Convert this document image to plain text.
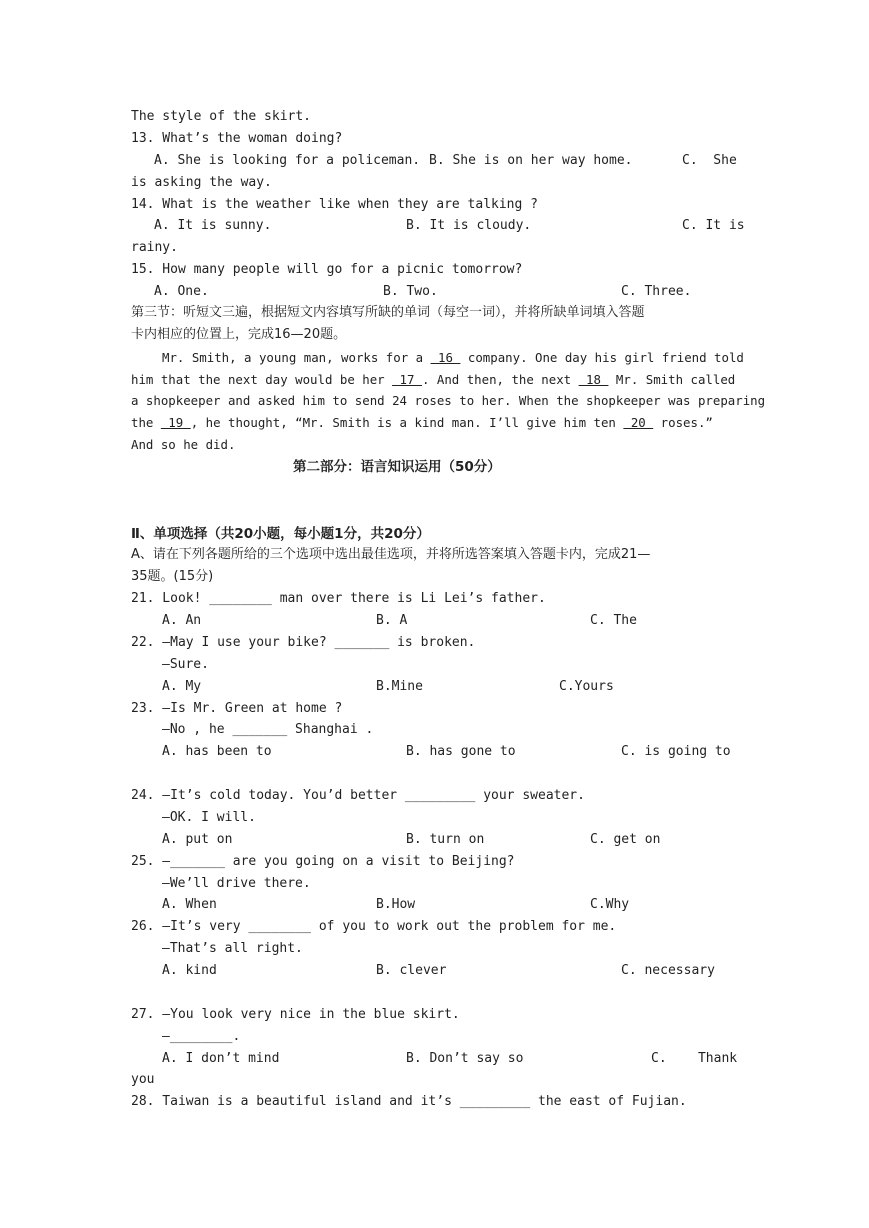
The style of the skirt.
13. What’s the woman doing?
A. She is looking for a policeman. B. She is on her way home.	C.  She
is asking the way.
14. What is the weather like when they are talking ?
A. It is sunny.	B. It is cloudy.	C. It is
rainy.
15. How many people will go for a picnic tomorrow?
A. One.	B. Two.	C. Three.
第三节：听短文三遍，根据短文内容填写所缺的单词（每空一词），并将所缺单词填入答题
卡内相应的位置上，完成16—20题。
Mr. Smith, a young man, works for a  16  company. One day his girl friend told
him that the next day would be her  17 . And then, the next  18  Mr. Smith called
a shopkeeper and asked him to send 24 roses to her. When the shopkeeper was preparing
the  19 , he thought, “Mr. Smith is a kind man. I’ll give him ten  20  roses.”
And so he did.
第二部分：语言知识运用（50分）
Ⅱ、单项选择（共20小题，每小题1分，共20分）
A、请在下列各题所给的三个选项中选出最佳选项，并将所选答案填入答题卡内，完成21—
35题。(15分)
21. Look! ________ man over there is Li Lei’s father.
A. An	B. A	C. The
22. —May I use your bike? _______ is broken.
—Sure.
A. My	B.Mine	C.Yours
23. —Is Mr. Green at home ?
—No , he _______ Shanghai .
A. has been to	B. has gone to	C. is going to
24. —It’s cold today. You’d better _________ your sweater.
—OK. I will.
A. put on	B. turn on	C. get on
25. —_______ are you going on a visit to Beijing?
—We’ll drive there.
A. When	B.How	C.Why
26. —It’s very ________ of you to work out the problem for me.
—That’s all right.
A. kind	B. clever	C. necessary
27. —You look very nice in the blue skirt.
—________.
A. I don’t mind	B. Don’t say so	C.    Thank
you
28. Taiwan is a beautiful island and it’s _________ the east of Fujian.
